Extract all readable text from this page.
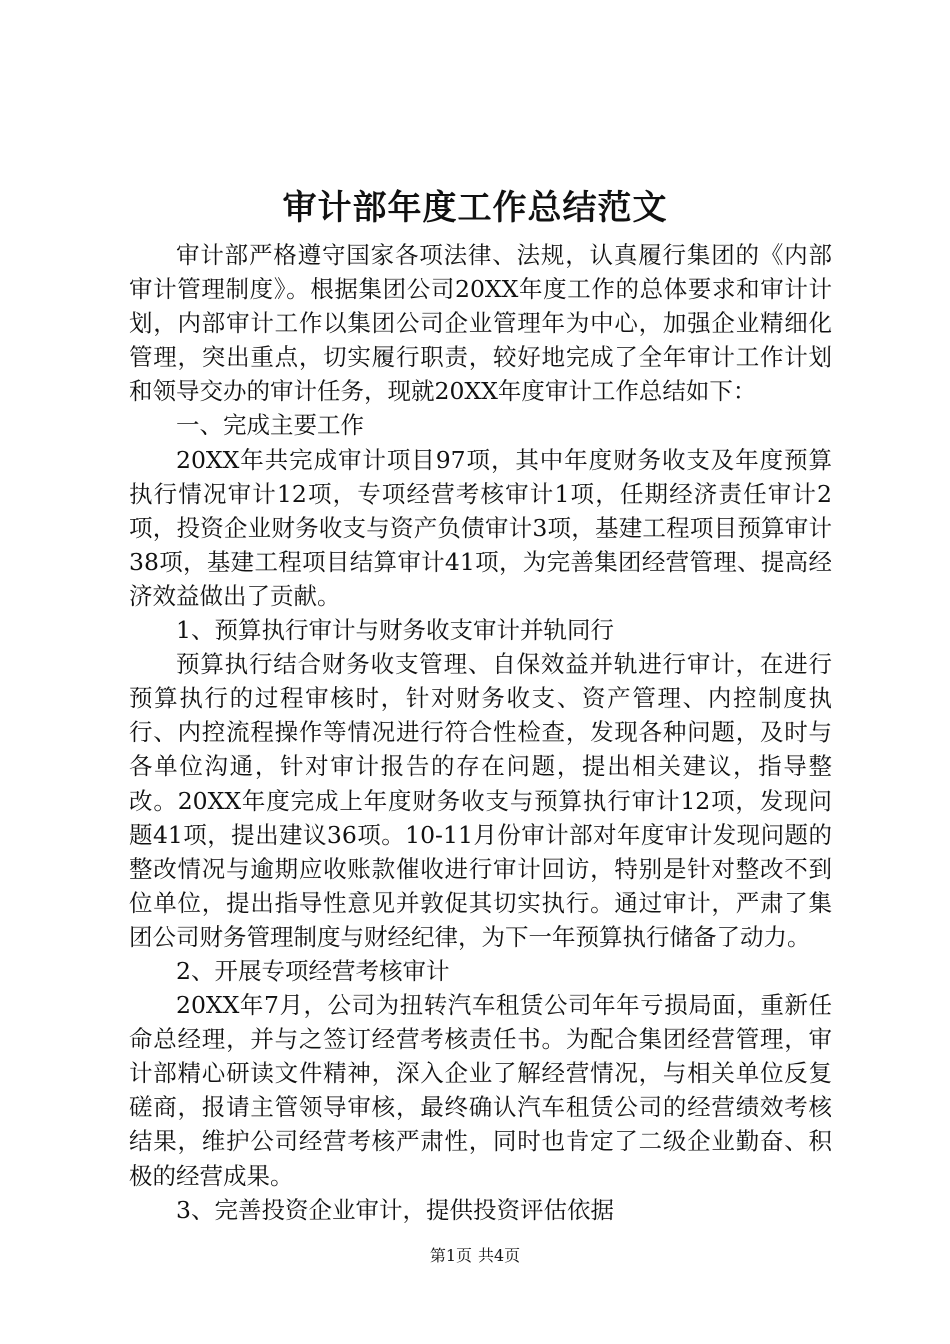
审计部年度工作总结范文

审计部严格遵守国家各项法律、法规，认真履行集团的《内部审计管理制度》。根据集团公司20XX年度工作的总体要求和审计计划，内部审计工作以集团公司企业管理年为中心，加强企业精细化管理，突出重点，切实履行职责，较好地完成了全年审计工作计划和领导交办的审计任务，现就20XX年度审计工作总结如下：

一、完成主要工作

20XX年共完成审计项目97项，其中年度财务收支及年度预算执行情况审计12项，专项经营考核审计1项，任期经济责任审计2项，投资企业财务收支与资产负债审计3项，基建工程项目预算审计38项，基建工程项目结算审计41项，为完善集团经营管理、提高经济效益做出了贡献。

1、预算执行审计与财务收支审计并轨同行

预算执行结合财务收支管理、自保效益并轨进行审计，在进行预算执行的过程审核时，针对财务收支、资产管理、内控制度执行、内控流程操作等情况进行符合性检查，发现各种问题，及时与各单位沟通，针对审计报告的存在问题，提出相关建议，指导整改。20XX年度完成上年度财务收支与预算执行审计12项，发现问题41项，提出建议36项。10-11月份审计部对年度审计发现问题的整改情况与逾期应收账款催收进行审计回访，特别是针对整改不到位单位，提出指导性意见并敦促其切实执行。通过审计，严肃了集团公司财务管理制度与财经纪律，为下一年预算执行储备了动力。

2、开展专项经营考核审计

20XX年7月，公司为扭转汽车租赁公司年年亏损局面，重新任命总经理，并与之签订经营考核责任书。为配合集团经营管理，审计部精心研读文件精神，深入企业了解经营情况，与相关单位反复磋商，报请主管领导审核，最终确认汽车租赁公司的经营绩效考核结果，维护公司经营考核严肃性，同时也肯定了二级企业勤奋、积极的经营成果。

3、完善投资企业审计，提供投资评估依据

第1页 共4页
